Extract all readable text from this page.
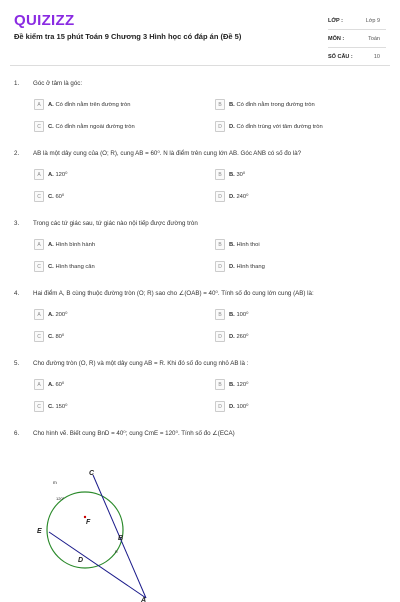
QUIZIZZ
Đề kiểm tra 15 phút Toán 9 Chương 3 Hình học có đáp án (Đề 5)
LỚP :	Lớp 9
MÔN :	Toán
SỐ CÂU :	10
1.	Góc ở tâm là góc:
A	A. Có đỉnh nằm trên đường tròn	B	B. Có đỉnh nằm trong đường tròn
C	C. Có đỉnh nằm ngoài đường tròn	D	D. Có đỉnh trùng với tâm đường tròn
2.	AB là một dây cung của (O; R), cung AB = 60⁰. N là điểm trên cung lớn AB. Góc ANB có số đo là?
A	A. 120⁰	B	B. 30⁰
C	C. 60⁰	D	D. 240⁰
3.	Trong các tứ giác sau, tứ giác nào nội tiếp được đường tròn
A	A. Hình bình hành	B	B. Hình thoi
C	C. Hình thang cân	D	D. Hình thang
4.	Hai điểm A, B cùng thuộc đường tròn (O; R) sao cho ∠(OAB) = 40⁰. Tính số đo cung lớn cung (AB) là:
A	A. 200⁰	B	B. 100⁰
C	C. 80⁰	D	D. 260⁰
5.	Cho đường tròn (O, R) và một dây cung AB = R. Khi đó số đo cung nhỏ AB là :
A	A. 60⁰	B	B. 120⁰
C	C. 150⁰	D	D. 100⁰
6.	Cho hình vẽ. Biết cung BnD = 40⁰; cung CmE = 120⁰. Tính số đo ∠(ECA)
C
E
F
D
B
A
m
n
120°
